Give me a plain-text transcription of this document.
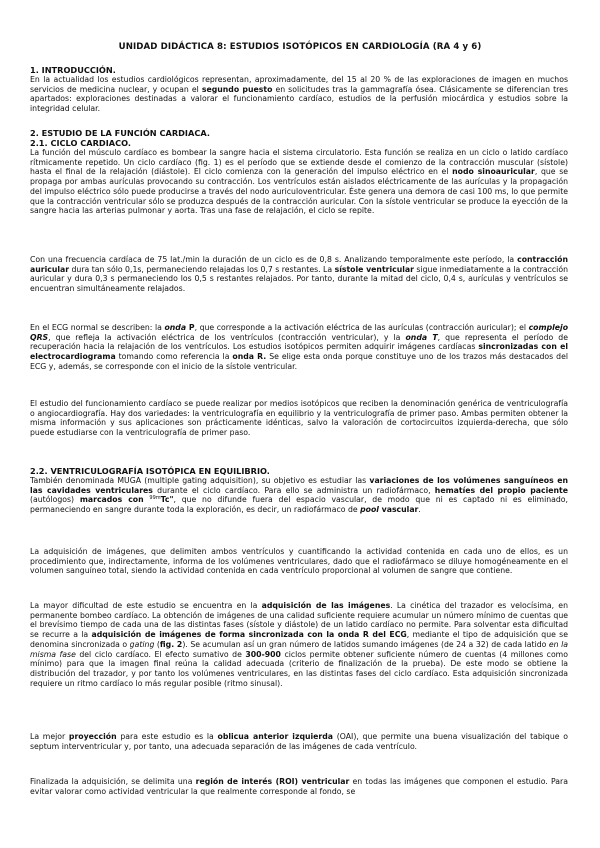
UNIDAD DIDÁCTICA 8: ESTUDIOS ISOTÓPICOS EN CARDIOLOGÍA (RA 4 y 6)

1. INTRODUCCIÓN.

En la actualidad los estudios cardiológicos representan, aproximadamente, del 15 al 20 % de las exploraciones de imagen en muchos servicios de medicina nuclear, y ocupan el segundo puesto en solicitudes tras la gammagrafía ósea. Clásicamente se diferencian tres apartados: exploraciones destinadas a valorar el funcionamiento cardíaco, estudios de la perfusión miocárdica y estudios sobre la integridad celular.

2. ESTUDIO DE LA FUNCIÓN CARDIACA.

2.1. CICLO CARDIACO.

La función del músculo cardíaco es bombear la sangre hacia el sistema circulatorio. Esta función se realiza en un ciclo o latido cardíaco rítmicamente repetido. Un ciclo cardíaco (fig. 1) es el período que se extiende desde el comienzo de la contracción muscular (sístole) hasta el final de la relajación (diástole). El ciclo comienza con la generación del impulso eléctrico en el nodo sinoauricular, que se propaga por ambas aurículas provocando su contracción. Los ventrículos están aislados eléctricamente de las aurículas y la propagación del impulso eléctrico sólo puede producirse a través del nodo auriculoventricular. Éste genera una demora de casi 100 ms, lo que permite que la contracción ventricular sólo se produzca después de la contracción auricular. Con la sístole ventricular se produce la eyección de la sangre hacia las arterias pulmonar y aorta. Tras una fase de relajación, el ciclo se repite.

Con una frecuencia cardíaca de 75 lat./min la duración de un ciclo es de 0,8 s. Analizando temporalmente este período, la contracción auricular dura tan sólo 0,1s, permaneciendo relajadas los 0,7 s restantes. La sístole ventricular sigue inmediatamente a la contracción auricular y dura 0,3 s permaneciendo los 0,5 s restantes relajados. Por tanto, durante la mitad del ciclo, 0,4 s, aurículas y ventrículos se encuentran simultáneamente relajados.

En el ECG normal se describen: la onda P, que corresponde a la activación eléctrica de las aurículas (contracción auricular); el complejo QRS, que refleja la activación eléctrica de los ventrículos (contracción ventricular), y la onda T, que representa el período de recuperación hacia la relajación de los ventrículos. Los estudios isotópicos permiten adquirir imágenes cardíacas sincronizadas con el electrocardiograma tomando como referencia la onda R. Se elige esta onda porque constituye uno de los trazos más destacados del ECG y, además, se corresponde con el inicio de la sístole ventricular.

El estudio del funcionamiento cardíaco se puede realizar por medios isotópicos que reciben la denominación genérica de ventriculografía o angiocardiografía. Hay dos variedades: la ventriculografía en equilibrio y la ventriculografía de primer paso. Ambas permiten obtener la misma información y sus aplicaciones son prácticamente idénticas, salvo la valoración de cortocircuitos izquierda-derecha, que sólo puede estudiarse con la ventriculografía de primer paso.

2.2. VENTRICULOGRAFÍA ISOTÓPICA EN EQUILIBRIO.

También denominada MUGA (multiple gating adquisition), su objetivo es estudiar las variaciones de los volúmenes sanguíneos en las cavidades ventriculares durante el ciclo cardíaco. Para ello se administra un radiofármaco, hematíes del propio paciente (autólogos) marcados con $^{99m}$Tc", que no difunde fuera del espacio vascular, de modo que ni es captado ni es eliminado, permaneciendo en sangre durante toda la exploración, es decir, un radiofármaco de pool vascular.

La adquisición de imágenes, que delimiten ambos ventrículos y cuantificando la actividad contenida en cada uno de ellos, es un procedimiento que, indirectamente, informa de los volúmenes ventriculares, dado que el radiofármaco se diluye homogéneamente en el volumen sanguíneo total, siendo la actividad contenida en cada ventrículo proporcional al volumen de sangre que contiene.

La mayor dificultad de este estudio se encuentra en la adquisición de las imágenes. La cinética del trazador es velocísima, en permanente bombeo cardíaco. La obtención de imágenes de una calidad suficiente requiere acumular un número mínimo de cuentas que el brevísimo tiempo de cada una de las distintas fases (sístole y diástole) de un latido cardíaco no permite. Para solventar esta dificultad se recurre a la adquisición de imágenes de forma sincronizada con la onda R del ECG, mediante el tipo de adquisición que se denomina sincronizada o gating (fig. 2). Se acumulan así un gran número de latidos sumando imágenes (de 24 a 32) de cada latido en la misma fase del ciclo cardíaco. El efecto sumativo de 300-900 ciclos permite obtener suficiente número de cuentas (4 millones como mínimo) para que la imagen final reúna la calidad adecuada (criterio de finalización de la prueba). De este modo se obtiene la distribución del trazador, y por tanto los volúmenes ventriculares, en las distintas fases del ciclo cardíaco. Esta adquisición sincronizada requiere un ritmo cardíaco lo más regular posible (ritmo sinusal).

La mejor proyección para este estudio es la oblicua anterior izquierda (OAI), que permite una buena visualización del tabique o septum interventricular y, por tanto, una adecuada separación de las imágenes de cada ventrículo.

Finalizada la adquisición, se delimita una región de interés (ROI) ventricular en todas las imágenes que componen el estudio. Para evitar valorar como actividad ventricular la que realmente corresponde al fondo, se
